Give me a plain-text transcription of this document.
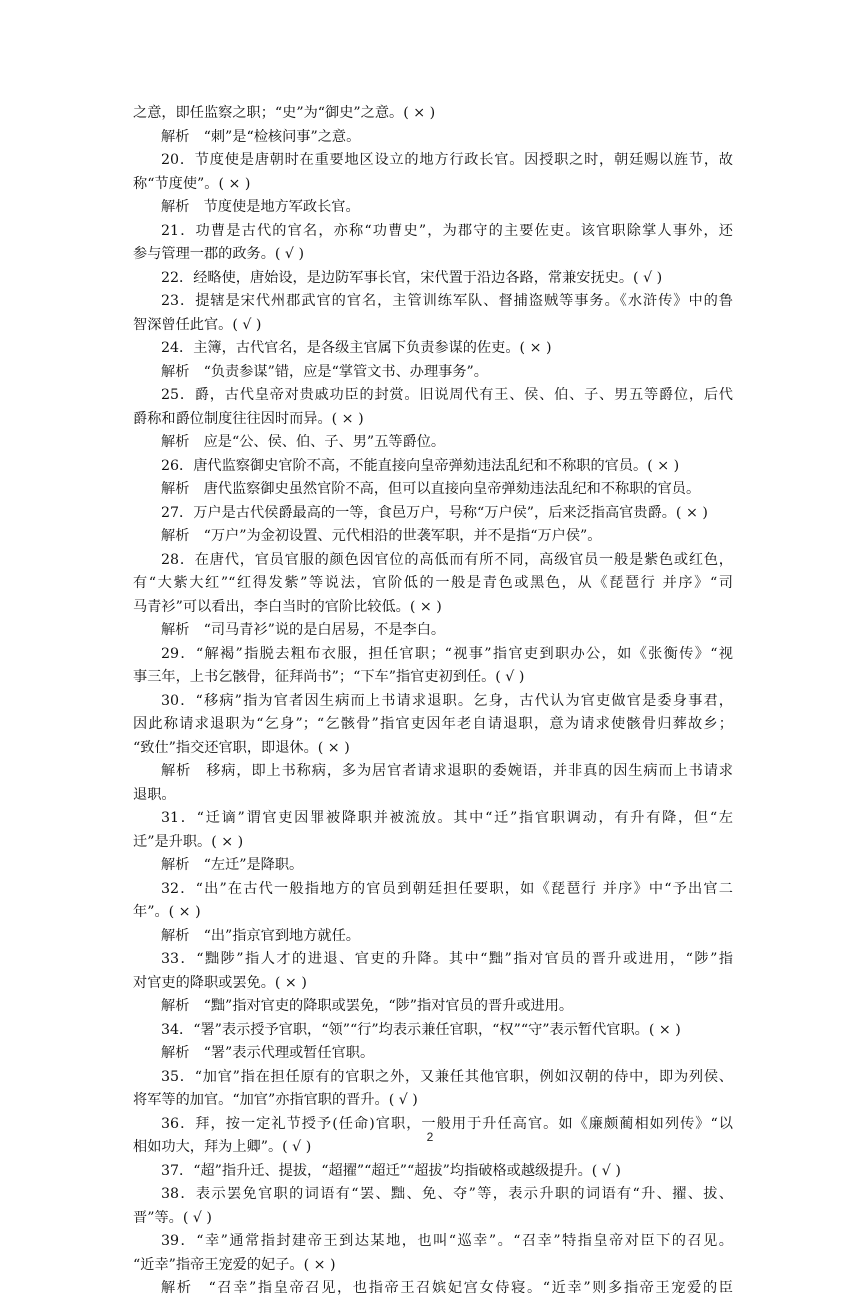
之意，即任监察之职；“史”为“御史”之意。( × )
解析　“刺”是“检核问事”之意。
20．节度使是唐朝时在重要地区设立的地方行政长官。因授职之时，朝廷赐以旌节，故
称“节度使”。( × )
解析　节度使是地方军政长官。
21．功曹是古代的官名，亦称“功曹史”，为郡守的主要佐吏。该官职除掌人事外，还
参与管理一郡的政务。( √ )
22．经略使，唐始设，是边防军事长官，宋代置于沿边各路，常兼安抚史。( √ )
23．提辖是宋代州郡武官的官名，主管训练军队、督捕盗贼等事务。《水浒传》中的鲁
智深曾任此官。( √ )
24．主簿，古代官名，是各级主官属下负责参谋的佐吏。( × )
解析　“负责参谋”错，应是“掌管文书、办理事务”。
25．爵，古代皇帝对贵戚功臣的封赏。旧说周代有王、侯、伯、子、男五等爵位，后代
爵称和爵位制度往往因时而异。( × )
解析　应是“公、侯、伯、子、男”五等爵位。
26．唐代监察御史官阶不高，不能直接向皇帝弹劾违法乱纪和不称职的官员。( × )
解析　唐代监察御史虽然官阶不高，但可以直接向皇帝弹劾违法乱纪和不称职的官员。
27．万户是古代侯爵最高的一等，食邑万户，号称“万户侯”，后来泛指高官贵爵。( × )
解析　“万户”为金初设置、元代相沿的世袭军职，并不是指“万户侯”。
28．在唐代，官员官服的颜色因官位的高低而有所不同，高级官员一般是紫色或红色，
有“大紫大红”“红得发紫”等说法，官阶低的一般是青色或黑色，从《琵琶行 并序》“司
马青衫”可以看出，李白当时的官阶比较低。( × )
解析　“司马青衫”说的是白居易，不是李白。
29．“解褐”指脱去粗布衣服，担任官职；“视事”指官吏到职办公，如《张衡传》“视
事三年，上书乞骸骨，征拜尚书”；“下车”指官吏初到任。( √ )
30．“移病”指为官者因生病而上书请求退职。乞身，古代认为官吏做官是委身事君，
因此称请求退职为“乞身”；“乞骸骨”指官吏因年老自请退职，意为请求使骸骨归葬故乡；
“致仕”指交还官职，即退休。( × )
解析　移病，即上书称病，多为居官者请求退职的委婉语，并非真的因生病而上书请求
退职。
31．“迁谪”谓官吏因罪被降职并被流放。其中“迁”指官职调动，有升有降，但“左
迁”是升职。( × )
解析　“左迁”是降职。
32．“出”在古代一般指地方的官员到朝廷担任要职，如《琵琶行 并序》中“予出官二
年”。( × )
解析　“出”指京官到地方就任。
33．“黜陟”指人才的进退、官吏的升降。其中“黜”指对官员的晋升或进用，“陟”指
对官吏的降职或罢免。( × )
解析　“黜”指对官吏的降职或罢免，“陟”指对官员的晋升或进用。
34．“署”表示授予官职，“领”“行”均表示兼任官职，“权”“守”表示暂代官职。( × )
解析　“署”表示代理或暂任官职。
35．“加官”指在担任原有的官职之外，又兼任其他官职，例如汉朝的侍中，即为列侯、
将军等的加官。“加官”亦指官职的晋升。( √ )
36．拜，按一定礼节授予(任命)官职，一般用于升任高官。如《廉颇蔺相如列传》“以
相如功大，拜为上卿”。( √ )
37．“超”指升迁、提拔，“超擢”“超迁”“超拔”均指破格或越级提升。( √ )
38．表示罢免官职的词语有“罢、黜、免、夺”等，表示升职的词语有“升、擢、拔、
晋”等。( √ )
39．“幸”通常指封建帝王到达某地，也叫“巡幸”。“召幸”特指皇帝对臣下的召见。
“近幸”指帝王宠爱的妃子。( × )
解析　“召幸”指皇帝召见，也指帝王召嫔妃宫女侍寝。“近幸”则多指帝王宠爱的臣
2
